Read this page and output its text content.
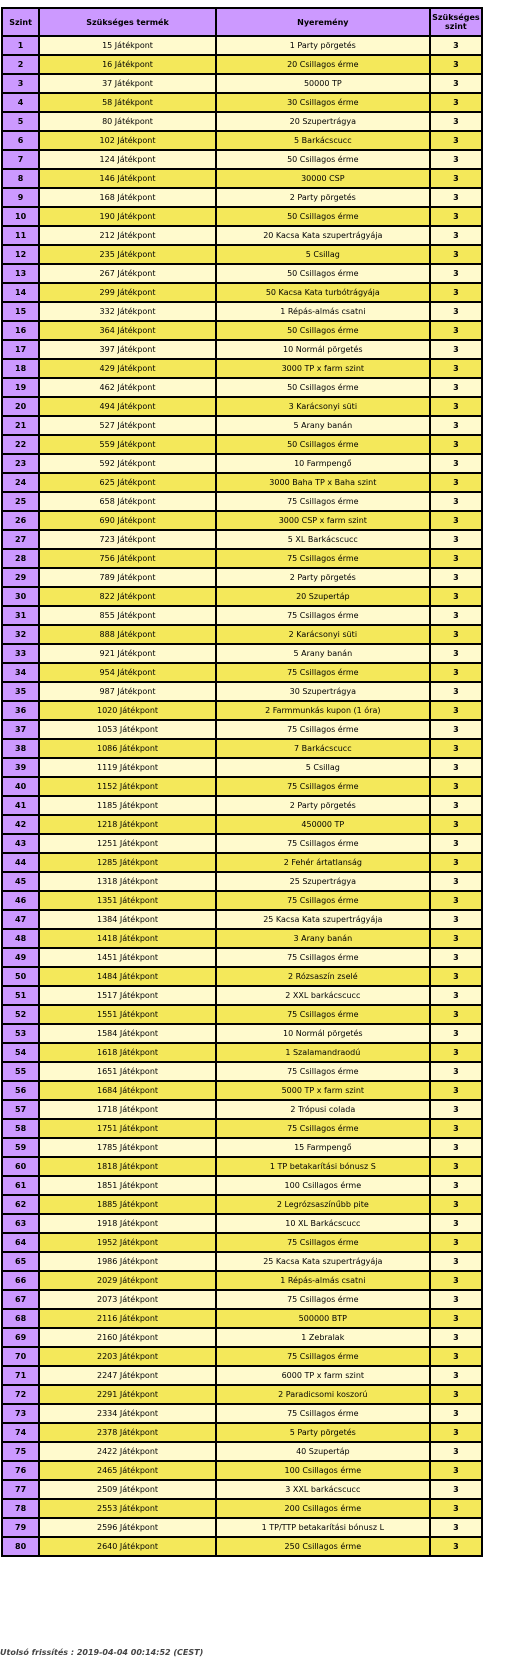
Szint	Szükséges termék	Nyeremény	Szükséges szint
1	15 Játékpont	1 Party pörgetés	3
2	16 Játékpont	20 Csillagos érme	3
3	37 Játékpont	50000 TP	3
4	58 Játékpont	30 Csillagos érme	3
5	80 Játékpont	20 Szupertrágya	3
6	102 Játékpont	5 Barkácscucc	3
7	124 Játékpont	50 Csillagos érme	3
8	146 Játékpont	30000 CSP	3
9	168 Játékpont	2 Party pörgetés	3
10	190 Játékpont	50 Csillagos érme	3
11	212 Játékpont	20 Kacsa Kata szupertrágyája	3
12	235 Játékpont	5 Csillag	3
13	267 Játékpont	50 Csillagos érme	3
14	299 Játékpont	50 Kacsa Kata turbótrágyája	3
15	332 Játékpont	1 Répás-almás csatni	3
16	364 Játékpont	50 Csillagos érme	3
17	397 Játékpont	10 Normál pörgetés	3
18	429 Játékpont	3000 TP x farm szint	3
19	462 Játékpont	50 Csillagos érme	3
20	494 Játékpont	3 Karácsonyi süti	3
21	527 Játékpont	5 Arany banán	3
22	559 Játékpont	50 Csillagos érme	3
23	592 Játékpont	10 Farmpengő	3
24	625 Játékpont	3000 Baha TP x Baha szint	3
25	658 Játékpont	75 Csillagos érme	3
26	690 Játékpont	3000 CSP x farm szint	3
27	723 Játékpont	5 XL Barkácscucc	3
28	756 Játékpont	75 Csillagos érme	3
29	789 Játékpont	2 Party pörgetés	3
30	822 Játékpont	20 Szupertáp	3
31	855 Játékpont	75 Csillagos érme	3
32	888 Játékpont	2 Karácsonyi süti	3
33	921 Játékpont	5 Arany banán	3
34	954 Játékpont	75 Csillagos érme	3
35	987 Játékpont	30 Szupertrágya	3
36	1020 Játékpont	2 Farmmunkás kupon (1 óra)	3
37	1053 Játékpont	75 Csillagos érme	3
38	1086 Játékpont	7 Barkácscucc	3
39	1119 Játékpont	5 Csillag	3
40	1152 Játékpont	75 Csillagos érme	3
41	1185 Játékpont	2 Party pörgetés	3
42	1218 Játékpont	450000 TP	3
43	1251 Játékpont	75 Csillagos érme	3
44	1285 Játékpont	2 Fehér ártatlanság	3
45	1318 Játékpont	25 Szupertrágya	3
46	1351 Játékpont	75 Csillagos érme	3
47	1384 Játékpont	25 Kacsa Kata szupertrágyája	3
48	1418 Játékpont	3 Arany banán	3
49	1451 Játékpont	75 Csillagos érme	3
50	1484 Játékpont	2 Rózsaszín zselé	3
51	1517 Játékpont	2 XXL barkácscucc	3
52	1551 Játékpont	75 Csillagos érme	3
53	1584 Játékpont	10 Normál pörgetés	3
54	1618 Játékpont	1 Szalamandraodú	3
55	1651 Játékpont	75 Csillagos érme	3
56	1684 Játékpont	5000 TP x farm szint	3
57	1718 Játékpont	2 Trópusi colada	3
58	1751 Játékpont	75 Csillagos érme	3
59	1785 Játékpont	15 Farmpengő	3
60	1818 Játékpont	1 TP betakarítási bónusz S	3
61	1851 Játékpont	100 Csillagos érme	3
62	1885 Játékpont	2 Legrózsaszínűbb pite	3
63	1918 Játékpont	10 XL Barkácscucc	3
64	1952 Játékpont	75 Csillagos érme	3
65	1986 Játékpont	25 Kacsa Kata szupertrágyája	3
66	2029 Játékpont	1 Répás-almás csatni	3
67	2073 Játékpont	75 Csillagos érme	3
68	2116 Játékpont	500000 BTP	3
69	2160 Játékpont	1 Zebralak	3
70	2203 Játékpont	75 Csillagos érme	3
71	2247 Játékpont	6000 TP x farm szint	3
72	2291 Játékpont	2 Paradicsomi koszorú	3
73	2334 Játékpont	75 Csillagos érme	3
74	2378 Játékpont	5 Party pörgetés	3
75	2422 Játékpont	40 Szupertáp	3
76	2465 Játékpont	100 Csillagos érme	3
77	2509 Játékpont	3 XXL barkácscucc	3
78	2553 Játékpont	200 Csillagos érme	3
79	2596 Játékpont	1 TP/TTP betakarítási bónusz L	3
80	2640 Játékpont	250 Csillagos érme	3
Utolsó frissítés : 2019-04-04 00:14:52 (CEST)
